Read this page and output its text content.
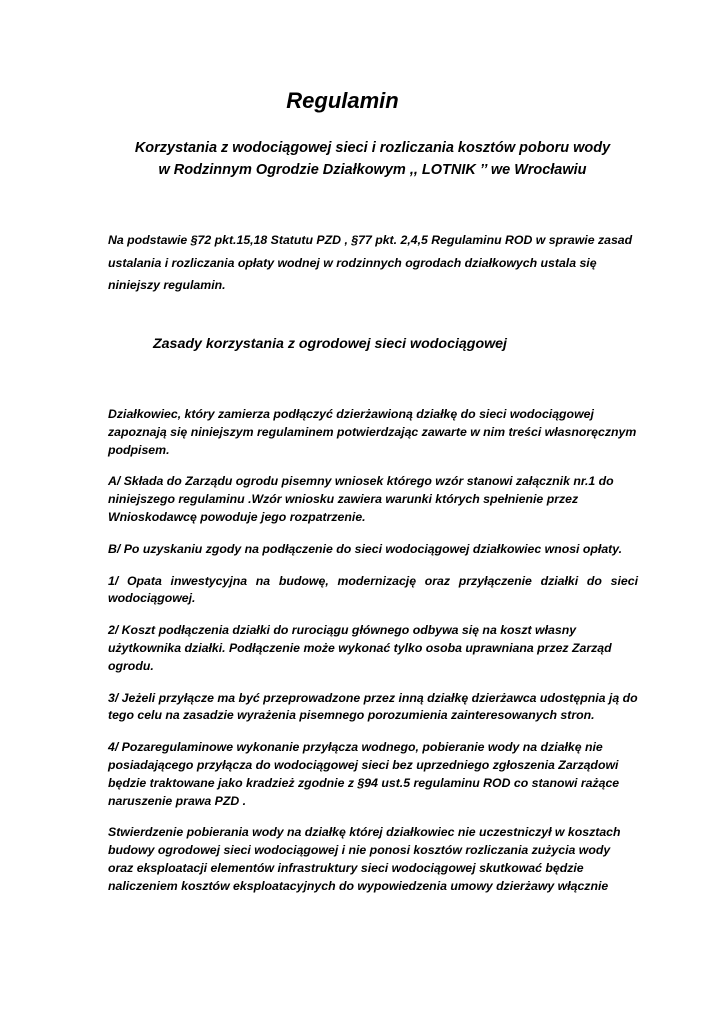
Regulamin
Korzystania z wodociągowej sieci i rozliczania kosztów poboru wody
w Rodzinnym Ogrodzie Działkowym ,, LOTNIK ’’ we Wrocławiu

Na podstawie §72 pkt.15,18 Statutu PZD , §77 pkt. 2,4,5 Regulaminu ROD w sprawie zasad ustalania i rozliczania opłaty wodnej w rodzinnych ogrodach działkowych ustala się niniejszy regulamin.

Zasady korzystania z ogrodowej sieci wodociągowej

Działkowiec, który zamierza podłączyć dzierżawioną działkę do sieci wodociągowej zapoznają się niniejszym regulaminem potwierdzając zawarte w nim treści własnoręcznym podpisem.

A/ Składa do Zarządu ogrodu pisemny wniosek którego wzór stanowi załącznik nr.1 do niniejszego regulaminu .Wzór wniosku zawiera warunki których spełnienie przez Wnioskodawcę powoduje jego rozpatrzenie.

B/ Po uzyskaniu zgody na podłączenie do sieci wodociągowej działkowiec wnosi opłaty.

1/ Opata inwestycyjna na budowę, modernizację oraz przyłączenie działki do sieci wodociągowej.

2/ Koszt podłączenia działki do rurociągu głównego odbywa się na koszt własny użytkownika działki. Podłączenie może wykonać tylko osoba uprawniana przez Zarząd ogrodu.

3/ Jeżeli przyłącze ma być przeprowadzone przez inną działkę dzierżawca udostępnia ją do tego celu na zasadzie wyrażenia pisemnego porozumienia zainteresowanych stron.

4/ Pozaregulaminowe wykonanie przyłącza wodnego, pobieranie wody na działkę nie posiadającego przyłącza do wodociągowej sieci bez uprzedniego zgłoszenia Zarządowi będzie traktowane jako kradzież zgodnie z §94 ust.5 regulaminu ROD co stanowi rażące naruszenie prawa PZD .

Stwierdzenie pobierania wody na działkę której działkowiec nie uczestniczył w kosztach budowy ogrodowej sieci wodociągowej i nie ponosi kosztów rozliczania zużycia wody oraz eksploatacji elementów infrastruktury sieci wodociągowej skutkować będzie naliczeniem kosztów eksploatacyjnych do wypowiedzenia umowy dzierżawy włącznie
